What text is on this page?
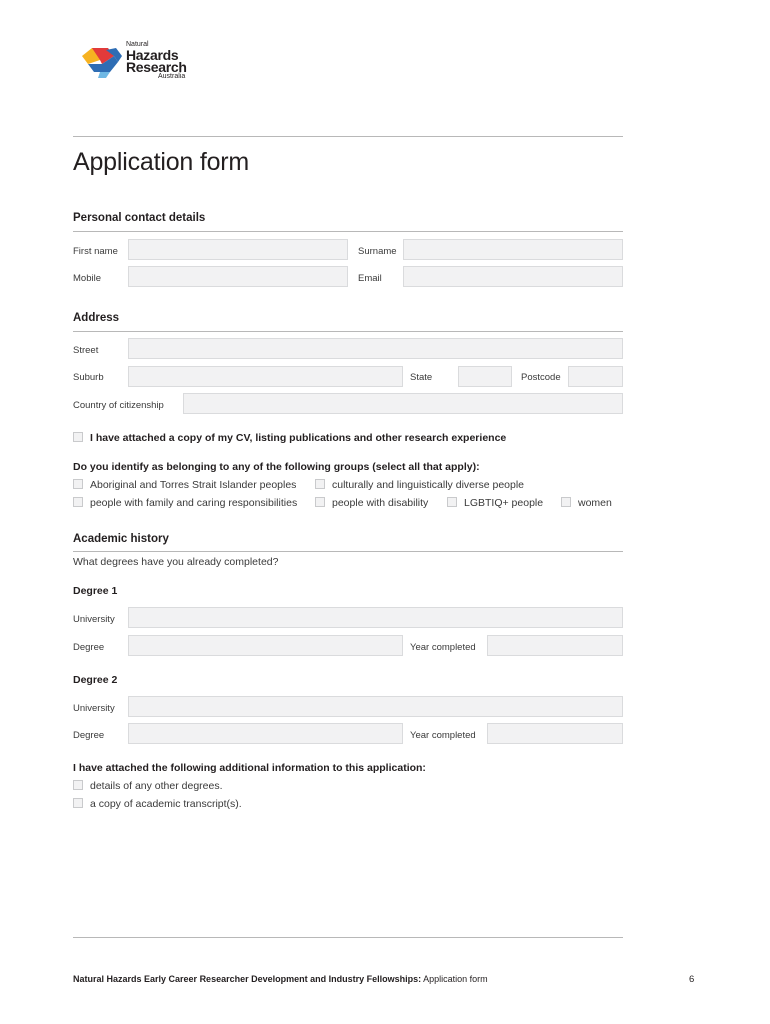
Natural
Hazards
Research
Australia
Application form
Personal contact details
First name	Surname
Mobile	Email
Address
Street
Suburb	State	Postcode
Country of citizenship
I have attached a copy of my CV, listing publications and other research experience
Do you identify as belonging to any of the following groups (select all that apply):
Aboriginal and Torres Strait Islander peoples	culturally and linguistically diverse people
people with family and caring responsibilities	people with disability	LGBTIQ+ people	women
Academic history
What degrees have you already completed?
Degree 1
University
Degree	Year completed
Degree 2
University
Degree	Year completed
I have attached the following additional information to this application:
details of any other degrees.
a copy of academic transcript(s).
Natural Hazards Early Career Researcher Development and Industry Fellowships: Application form	6
